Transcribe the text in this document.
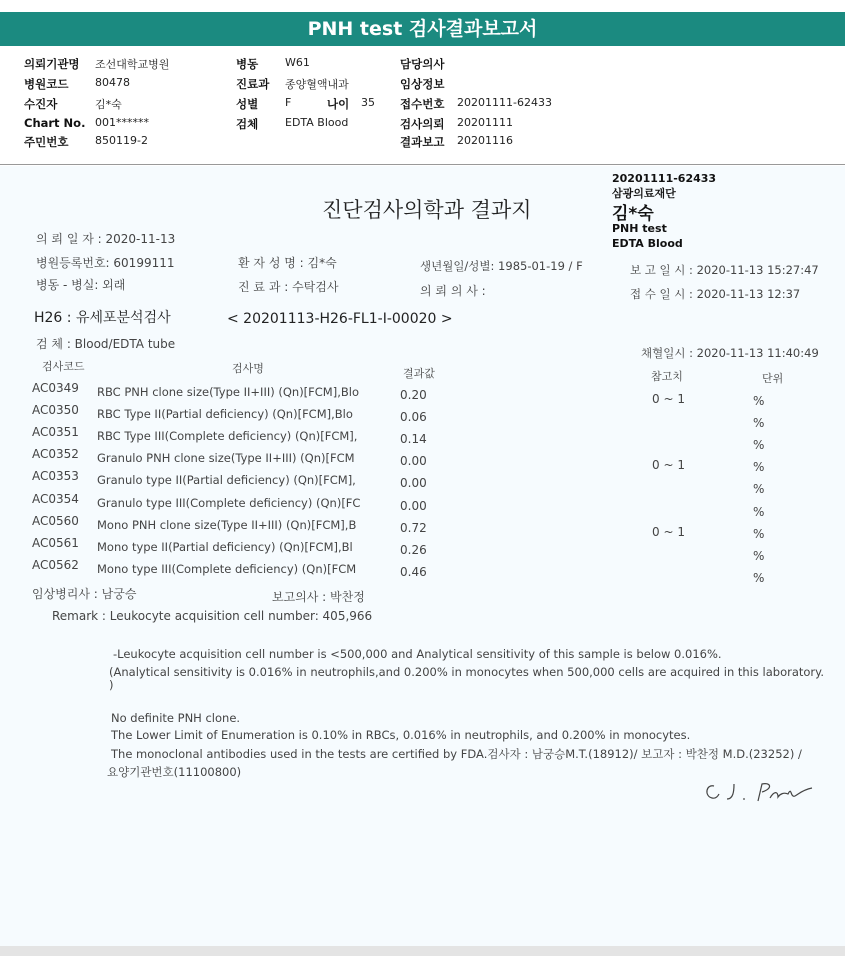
PNH test 검사결과보고서
의뢰기관명 조선대학교병원
병원코드 80478
수진자	김*숙
Chart No. 001******
주민번호 850119-2
병동 W61
진료과 종양혈액내과
성별 F	나이 35
검체 EDTA Blood
담당의사
임상정보
접수번호 20201111-62433
검사의뢰 20201111
결과보고 20201116
20201111-62433
삼광의료재단
김*숙
PNH test
EDTA Blood
진단검사의학과 결과지
의 뢰 일 자 : 2020-11-13
병원등록번호: 60199111	환 자 성 명 : 김*숙	생년월일/성별: 1985-01-19 / F	보 고 일 시 : 2020-11-13 15:27:47
병동 - 병실: 외래	진 료 과 : 수탁검사	의 뢰 의 사 :	접 수 일 시 : 2020-11-13 12:37
H26 : 유세포분석검사	< 20201113-H26-FL1-I-00020 >
검 체 : Blood/EDTA tube
채혈일시 : 2020-11-13 11:40:49
검사코드	검사명	결과값	참고치	단위
AC0349 RBC PNH clone size(Type II+III) (Qn)[FCM],Blo	0.20	0 ~ 1	%
AC0350 RBC Type II(Partial deficiency) (Qn)[FCM],Blo	0.06	%
AC0351 RBC Type III(Complete deficiency) (Qn)[FCM],	0.14	%
AC0352 Granulo PNH clone size(Type II+III) (Qn)[FCM	0.00	0 ~ 1	%
AC0353 Granulo type II(Partial deficiency) (Qn)[FCM],	0.00	%
AC0354 Granulo type III(Complete deficiency) (Qn)[FC	0.00	%
AC0560 Mono PNH clone size(Type II+III) (Qn)[FCM],B	0.72	0 ~ 1	%
AC0561 Mono type II(Partial deficiency) (Qn)[FCM],Bl	0.26	%
AC0562 Mono type III(Complete deficiency) (Qn)[FCM	0.46	%
임상병리사 : 남궁승	보고의사 : 박찬정
Remark : Leukocyte acquisition cell number: 405,966
-Leukocyte acquisition cell number is <500,000 and Analytical sensitivity of this sample is below 0.016%.
(Analytical sensitivity is 0.016% in neutrophils,and 0.200% in monocytes when 500,000 cells are acquired in this laboratory.
)
No definite PNH clone.
The Lower Limit of Enumeration is 0.10% in RBCs, 0.016% in neutrophils, and 0.200% in monocytes.
The monoclonal antibodies used in the tests are certified by FDA.검사자 : 남궁승M.T.(18912)/ 보고자 : 박찬정 M.D.(23252) /
요양기관번호(11100800)
